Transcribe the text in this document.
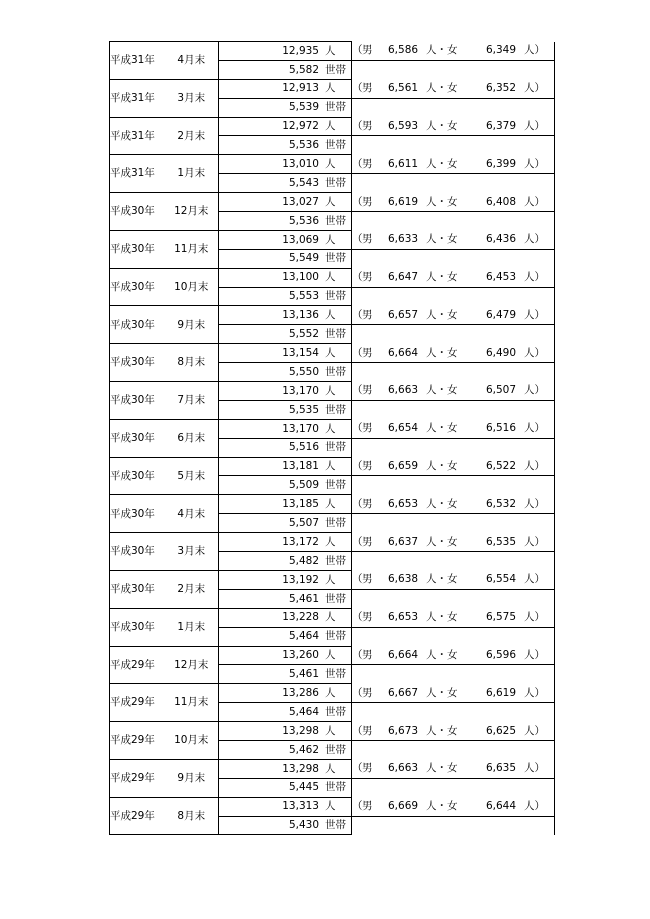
平成31年	4月末	12,935 人	（男 6,586 人・女 6,349 人）
		5,582 世帯	
平成31年	3月末	12,913 人	（男 6,561 人・女 6,352 人）
		5,539 世帯	
平成31年	2月末	12,972 人	（男 6,593 人・女 6,379 人）
		5,536 世帯	
平成31年	1月末	13,010 人	（男 6,611 人・女 6,399 人）
		5,543 世帯	
平成30年	12月末	13,027 人	（男 6,619 人・女 6,408 人）
		5,536 世帯	
平成30年	11月末	13,069 人	（男 6,633 人・女 6,436 人）
		5,549 世帯	
平成30年	10月末	13,100 人	（男 6,647 人・女 6,453 人）
		5,553 世帯	
平成30年	9月末	13,136 人	（男 6,657 人・女 6,479 人）
		5,552 世帯	
平成30年	8月末	13,154 人	（男 6,664 人・女 6,490 人）
		5,550 世帯	
平成30年	7月末	13,170 人	（男 6,663 人・女 6,507 人）
		5,535 世帯	
平成30年	6月末	13,170 人	（男 6,654 人・女 6,516 人）
		5,516 世帯	
平成30年	5月末	13,181 人	（男 6,659 人・女 6,522 人）
		5,509 世帯	
平成30年	4月末	13,185 人	（男 6,653 人・女 6,532 人）
		5,507 世帯	
平成30年	3月末	13,172 人	（男 6,637 人・女 6,535 人）
		5,482 世帯	
平成30年	2月末	13,192 人	（男 6,638 人・女 6,554 人）
		5,461 世帯	
平成30年	1月末	13,228 人	（男 6,653 人・女 6,575 人）
		5,464 世帯	
平成29年	12月末	13,260 人	（男 6,664 人・女 6,596 人）
		5,461 世帯	
平成29年	11月末	13,286 人	（男 6,667 人・女 6,619 人）
		5,464 世帯	
平成29年	10月末	13,298 人	（男 6,673 人・女 6,625 人）
		5,462 世帯	
平成29年	9月末	13,298 人	（男 6,663 人・女 6,635 人）
		5,445 世帯	
平成29年	8月末	13,313 人	（男 6,669 人・女 6,644 人）
		5,430 世帯	
